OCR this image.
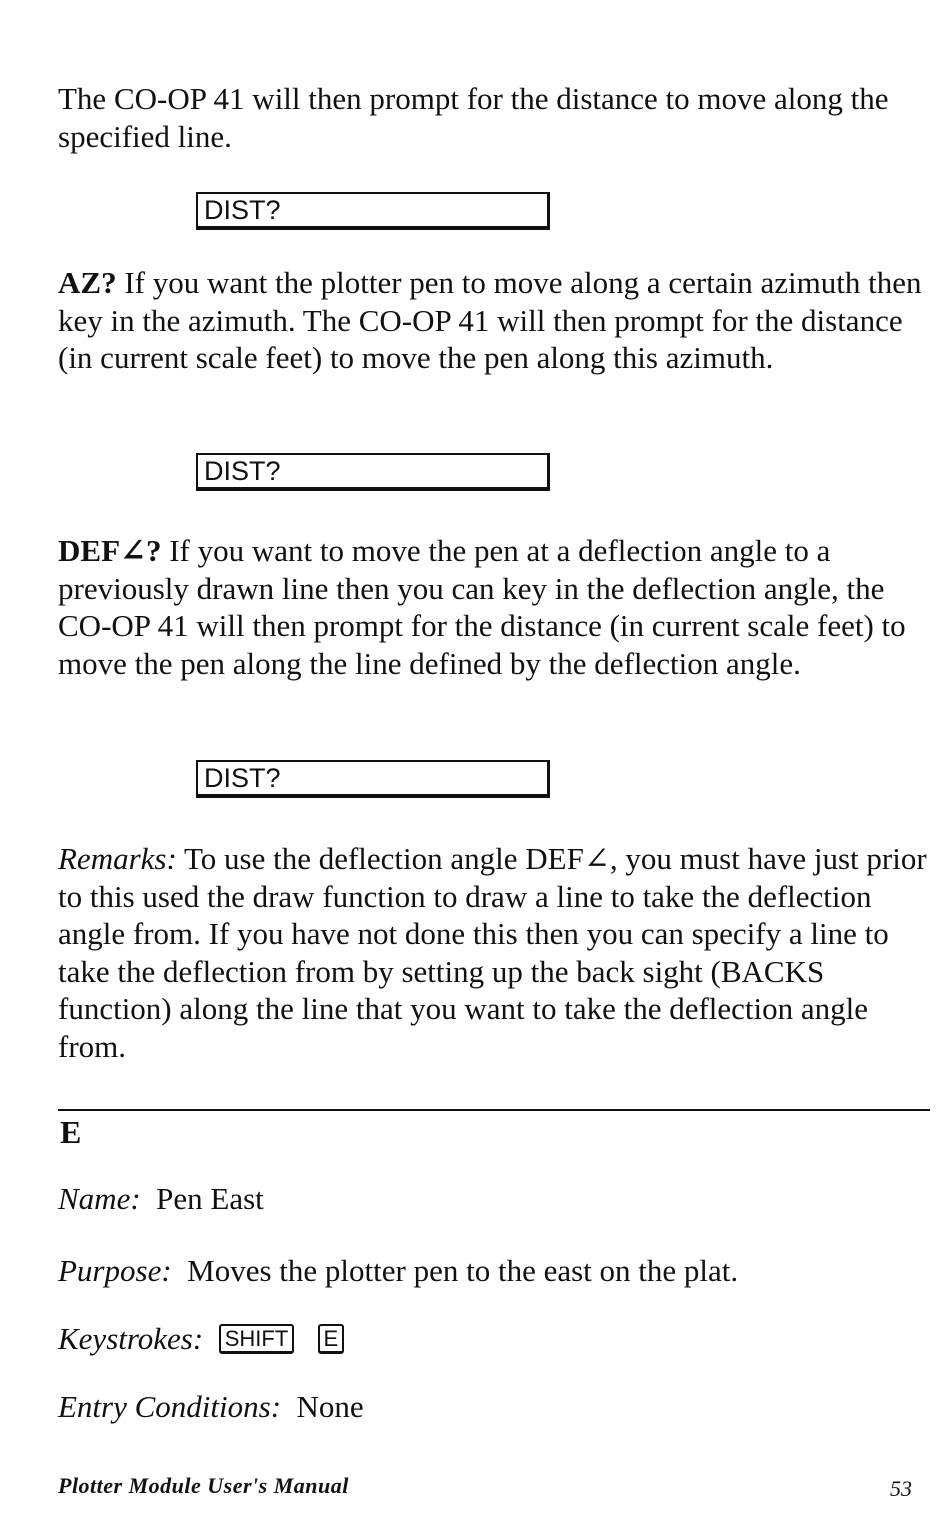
The CO-OP 41 will then prompt for the distance to move along the specified line.

DIST?

AZ? If you want the plotter pen to move along a certain azimuth then key in the azimuth. The CO-OP 41 will then prompt for the distance (in current scale feet) to move the pen along this azimuth.

DIST?

DEF∠? If you want to move the pen at a deflection angle to a previously drawn line then you can key in the deflection angle, the CO-OP 41 will then prompt for the distance (in current scale feet) to move the pen along the line defined by the deflection angle.

DIST?

Remarks: To use the deflection angle DEF∠, you must have just prior to this used the draw function to draw a line to take the deflection angle from. If you have not done this then you can specify a line to take the deflection from by setting up the back sight (BACKS function) along the line that you want to take the deflection angle from.

E
Name: Pen East
Purpose: Moves the plotter pen to the east on the plat.
Keystrokes: SHIFT E
Entry Conditions: None
Plotter Module User's Manual	53
